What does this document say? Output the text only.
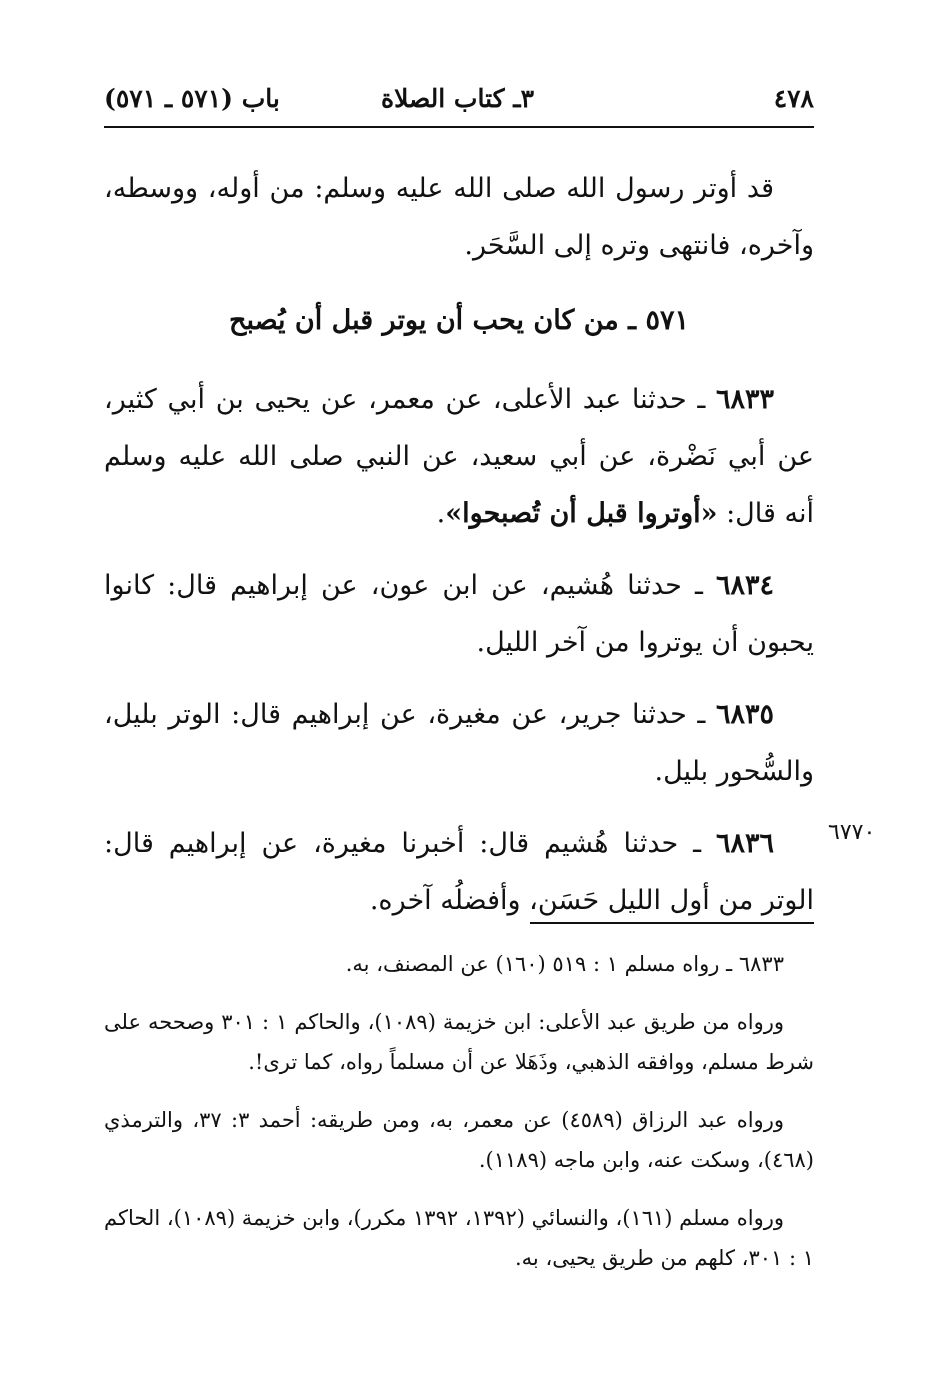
٤٧٨
٣ـ كتاب الصلاة
باب (٥٧١ ـ ٥٧١)

قد أوتر رسول الله صلى الله عليه وسلم: من أوله، ووسطه، وآخره، فانتهى وتره إلى السَّحَر.

٥٧١ ـ من كان يحب أن يوتر قبل أن يُصبح

٦٨٣٣ ـ حدثنا عبد الأعلى، عن معمر، عن يحيى بن أبي كثير، عن أبي نَضْرة، عن أبي سعيد، عن النبي صلى الله عليه وسلم أنه قال: «أوتروا قبل أن تُصبحوا».

٦٨٣٤ ـ حدثنا هُشيم، عن ابن عون، عن إبراهيم قال: كانوا يحبون أن يوتروا من آخر الليل.

٦٨٣٥ ـ حدثنا جرير، عن مغيرة، عن إبراهيم قال: الوتر بليل، والسُّحور بليل.

٦٨٣٦ ـ حدثنا هُشيم قال: أخبرنا مغيرة، عن إبراهيم قال: الوتر من أول الليل حَسَن، وأفضلُه آخره.

٦٧٧٠

٦٨٣٣ ـ رواه مسلم ١ : ٥١٩ (١٦٠) عن المصنف، به.

ورواه من طريق عبد الأعلى: ابن خزيمة (١٠٨٩)، والحاكم ١ : ٣٠١ وصححه على شرط مسلم، ووافقه الذهبي، وذَهَلا عن أن مسلماً رواه، كما ترى!.

ورواه عبد الرزاق (٤٥٨٩) عن معمر، به، ومن طريقه: أحمد ٣: ٣٧، والترمذي (٤٦٨)، وسكت عنه، وابن ماجه (١١٨٩).

ورواه مسلم (١٦١)، والنسائي (١٣٩٢، ١٣٩٢ مكرر)، وابن خزيمة (١٠٨٩)، الحاكم ١ : ٣٠١، كلهم من طريق يحيى، به.
